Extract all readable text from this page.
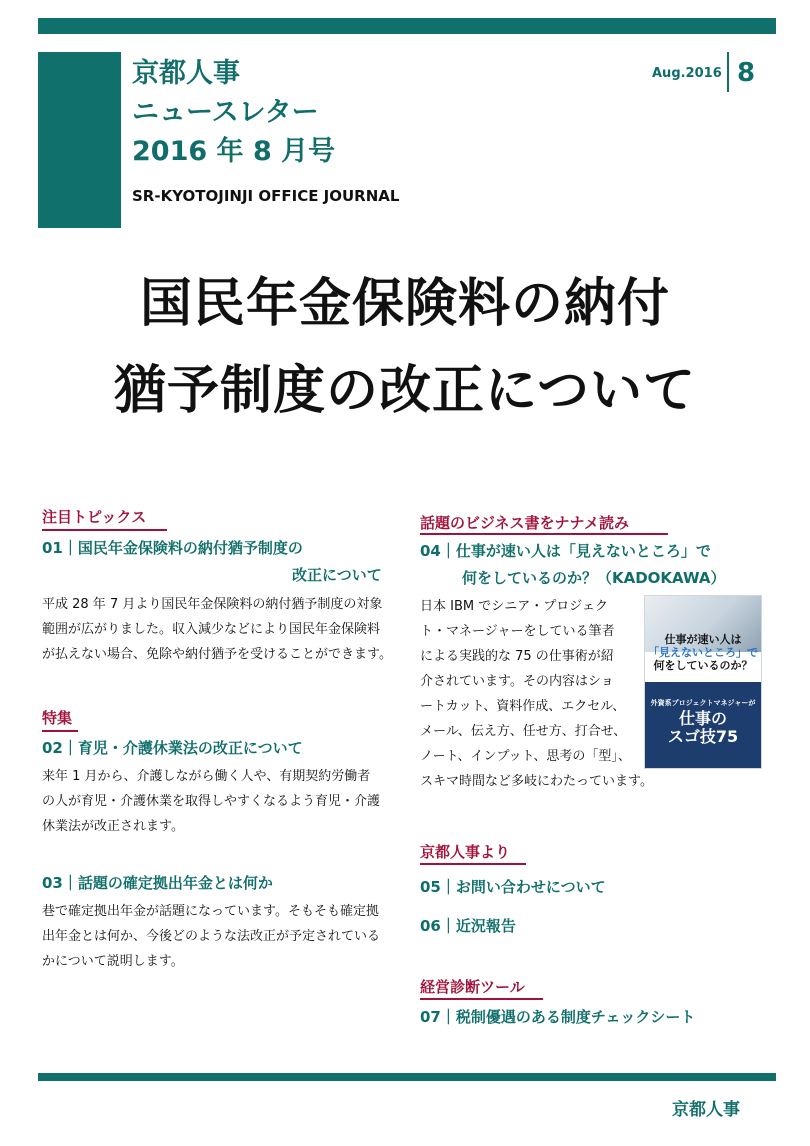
京都人事
ニュースレター
2016 年 8 月号
SR-KYOTOJINJI OFFICE JOURNAL
Aug.2016 8
国民年金保険料の納付
猶予制度の改正について
注目トピックス
01｜国民年金保険料の納付猶予制度の
改正について
平成 28 年 7 月より国民年金保険料の納付猶予制度の対象
範囲が広がりました。収入減少などにより国民年金保険料
が払えない場合、免除や納付猶予を受けることができます。
特集
02｜育児・介護休業法の改正について
来年 1 月から、介護しながら働く人や、有期契約労働者
の人が育児・介護休業を取得しやすくなるよう育児・介護
休業法が改正されます。
03｜話題の確定拠出年金とは何か
巷で確定拠出年金が話題になっています。そもそも確定拠
出年金とは何か、今後どのような法改正が予定されている
かについて説明します。
話題のビジネス書をナナメ読み
04｜仕事が速い人は「見えないところ」で
何をしているのか？（KADOKAWA）
日本 IBM でシニア・プロジェク
ト・マネージャーをしている筆者
による実践的な 75 の仕事術が紹
介されています。その内容はショ
ートカット、資料作成、エクセル、
メール、伝え方、任せ方、打合せ、
ノート、インプット、思考の「型」、
スキマ時間など多岐にわたっています。
仕事が速い人は
「見えないところ」で
何をしているのか？
外資系プロジェクトマネジャーが
仕事の
スゴ技75
京都人事より
05｜お問い合わせについて
06｜近況報告
経営診断ツール
07｜税制優遇のある制度チェックシート
京都人事
